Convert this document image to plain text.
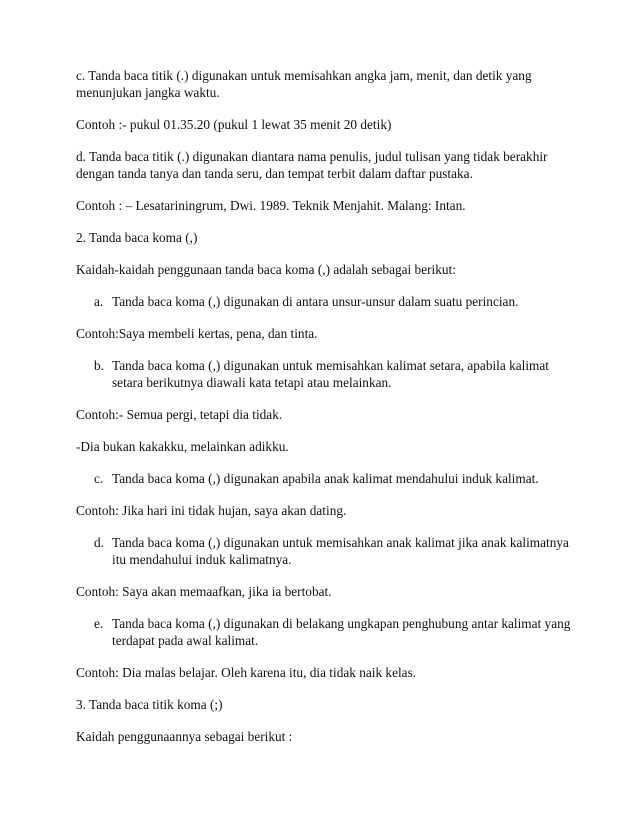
c. Tanda baca titik (.) digunakan untuk memisahkan angka jam, menit, dan detik yang menunjukan jangka waktu.

Contoh :- pukul 01.35.20 (pukul 1 lewat 35 menit 20 detik)

d. Tanda baca titik (.) digunakan diantara nama penulis, judul tulisan yang tidak berakhir dengan tanda tanya dan tanda seru, dan tempat terbit dalam daftar pustaka.

Contoh : – Lesatariningrum, Dwi. 1989. Teknik Menjahit. Malang: Intan.

2. Tanda baca koma (,)

Kaidah-kaidah penggunaan tanda baca koma (,) adalah sebagai berikut:

a. Tanda baca koma (,) digunakan di antara unsur-unsur dalam suatu perincian.

Contoh:Saya membeli kertas, pena, dan tinta.

b. Tanda baca koma (,) digunakan untuk memisahkan kalimat setara, apabila kalimat setara berikutnya diawali kata tetapi atau melainkan.

Contoh:- Semua pergi, tetapi dia tidak.

-Dia bukan kakakku, melainkan adikku.

c. Tanda baca koma (,) digunakan apabila anak kalimat mendahului induk kalimat.

Contoh: Jika hari ini tidak hujan, saya akan dating.

d. Tanda baca koma (,) digunakan untuk memisahkan anak kalimat jika anak kalimatnya itu mendahului induk kalimatnya.

Contoh: Saya akan memaafkan, jika ia bertobat.

e. Tanda baca koma (,) digunakan di belakang ungkapan penghubung antar kalimat yang terdapat pada awal kalimat.

Contoh: Dia malas belajar. Oleh karena itu, dia tidak naik kelas.

3. Tanda baca titik koma (;)

Kaidah penggunaannya sebagai berikut :
